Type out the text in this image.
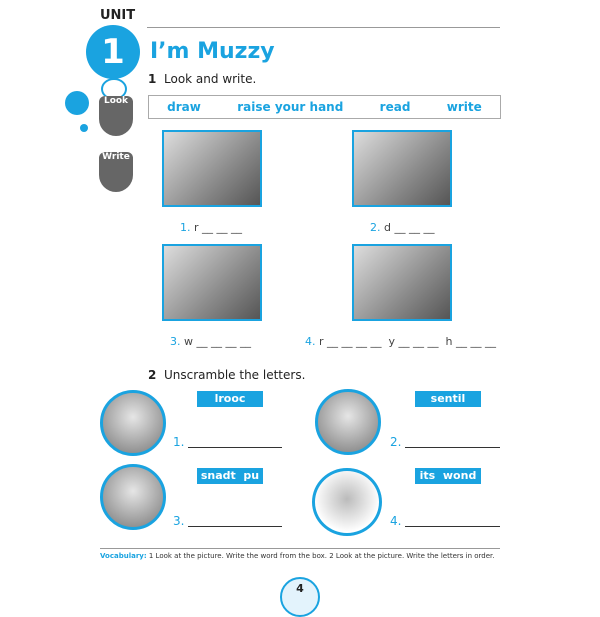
UNIT
1
Look
Write
I’m Muzzy
1 Look and write.
draw	raise your hand	read	write
1. r __ __ __	2. d __ __ __
3. w __ __ __ __	4. r __ __ __ __  y __ __ __  h __ __ __
2 Unscramble the letters.
lrooc
1.
sentil
2.
snadt  pu
3.
its  wond
4.
Vocabulary: 1 Look at the picture. Write the word from the box. 2 Look at the picture. Write the letters in order.
4
